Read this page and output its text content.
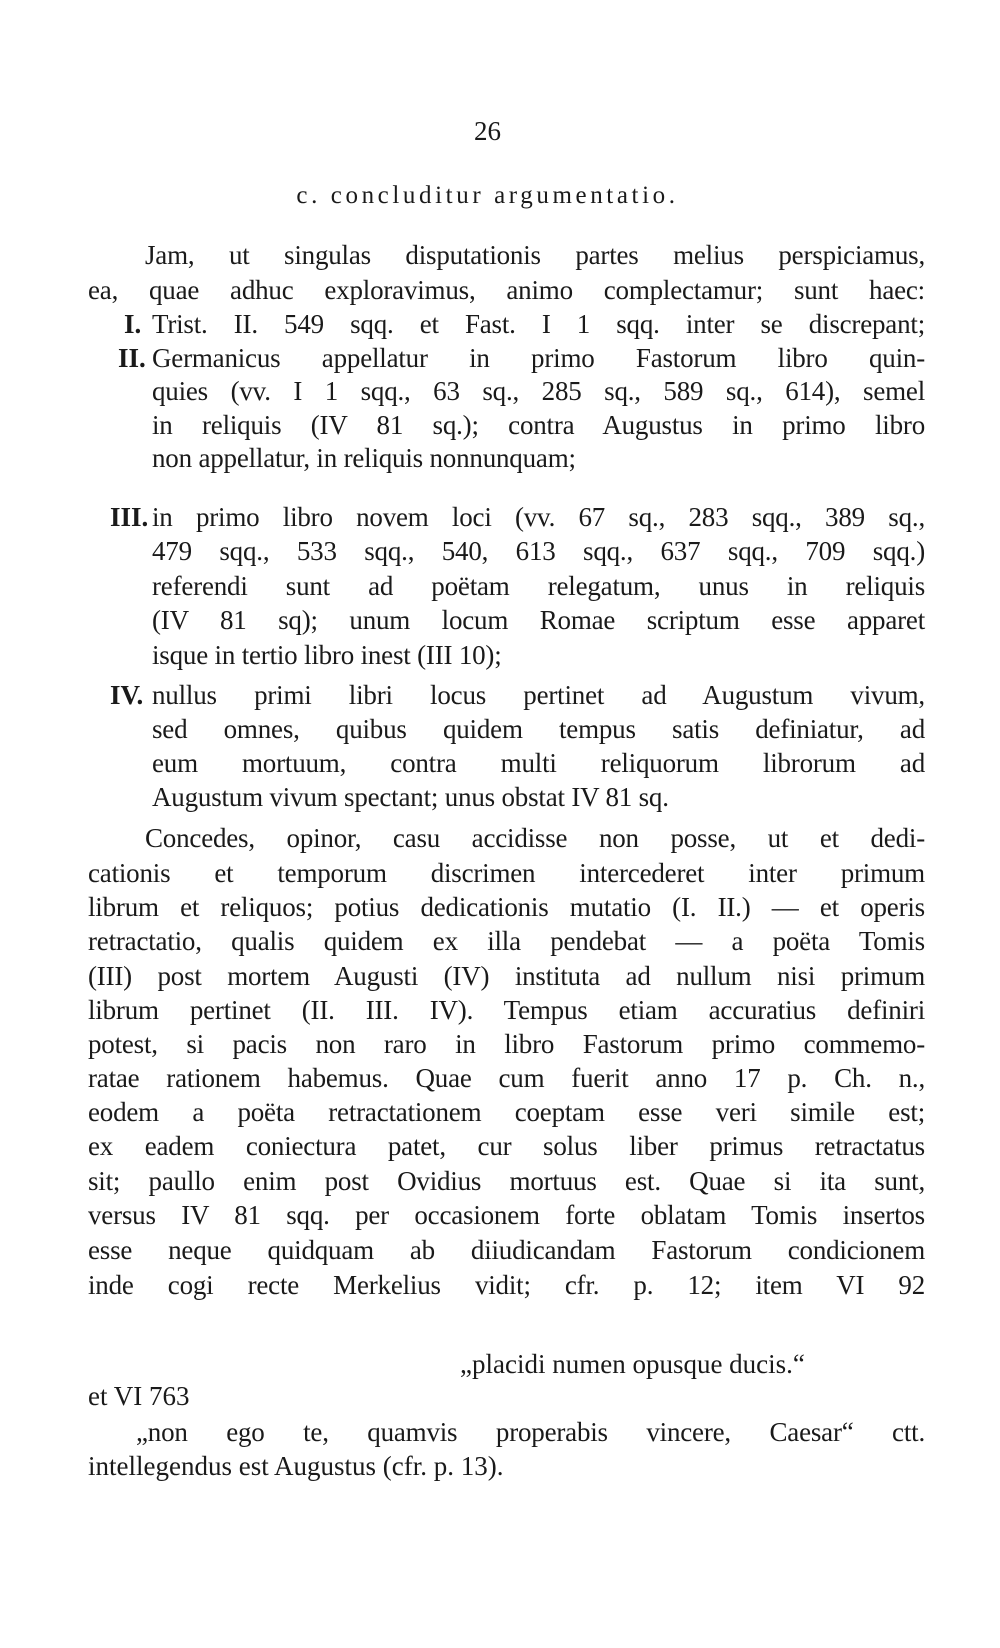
26
c. concluditur argumentatio.
Jam, ut singulas disputationis partes melius perspiciamus,
ea, quae adhuc exploravimus, animo complectamur; sunt haec:
I. Trist. II. 549 sqq. et Fast. I 1 sqq. inter se discrepant;
II. Germanicus appellatur in primo Fastorum libro quin-
quies (vv. I 1 sqq., 63 sq., 285 sq., 589 sq., 614), semel
in reliquis (IV 81 sq.); contra Augustus in primo libro
non appellatur, in reliquis nonnunquam;
III. in primo libro novem loci (vv. 67 sq., 283 sqq., 389 sq.,
479 sqq., 533 sqq., 540, 613 sqq., 637 sqq., 709 sqq.)
referendi sunt ad poëtam relegatum, unus in reliquis
(IV 81 sq); unum locum Romae scriptum esse apparet
isque in tertio libro inest (III 10);
IV. nullus primi libri locus pertinet ad Augustum vivum,
sed omnes, quibus quidem tempus satis definiatur, ad
eum mortuum, contra multi reliquorum librorum ad
Augustum vivum spectant; unus obstat IV 81 sq.
Concedes, opinor, casu accidisse non posse, ut et dedi-
cationis et temporum discrimen intercederet inter primum
librum et reliquos; potius dedicationis mutatio (I. II.) — et operis
retractatio, qualis quidem ex illa pendebat — a poëta Tomis
(III) post mortem Augusti (IV) instituta ad nullum nisi primum
librum pertinet (II. III. IV). Tempus etiam accuratius definiri
potest, si pacis non raro in libro Fastorum primo commemo-
ratae rationem habemus. Quae cum fuerit anno 17 p. Ch. n.,
eodem a poëta retractationem coeptam esse veri simile est;
ex eadem coniectura patet, cur solus liber primus retractatus
sit; paullo enim post Ovidius mortuus est. Quae si ita sunt,
versus IV 81 sqq. per occasionem forte oblatam Tomis insertos
esse neque quidquam ab diiudicandam Fastorum condicionem
inde cogi recte Merkelius vidit; cfr. p. 12; item VI 92
„placidi numen opusque ducis.“
et VI 763
„non ego te, quamvis properabis vincere, Caesar“ ctt.
intellegendus est Augustus (cfr. p. 13).
